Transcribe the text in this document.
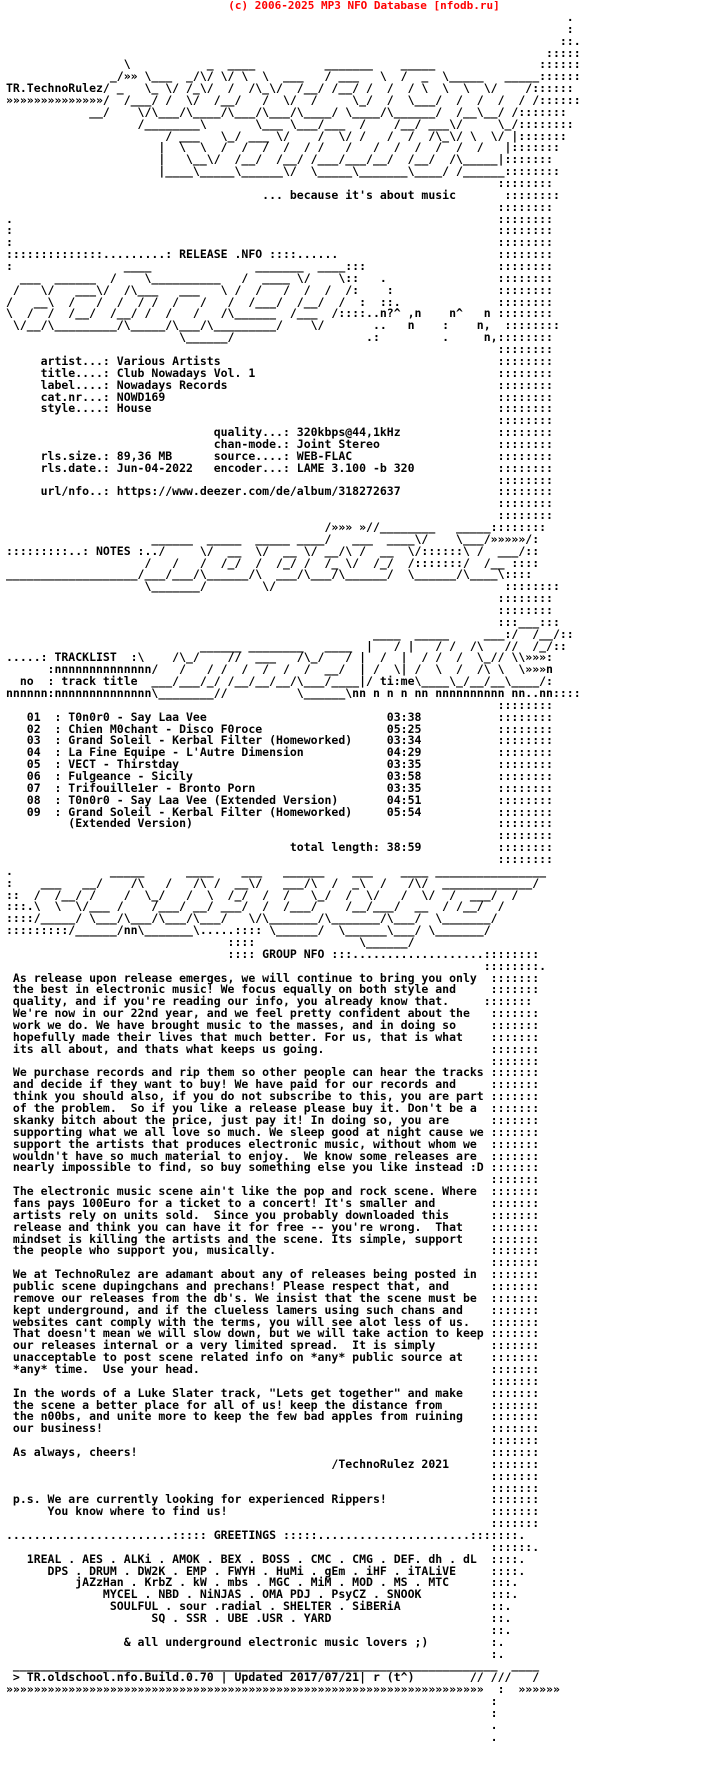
(c) 2006-2025 MP3 NFO Database [nfodb.ru]
.
:
::.
:::::
\           _  ____          _______    _____               ::::::
_/»» \___  _/\/ \/ \  \  ___   / ___   \  /  _  \_____   _____::::::
TR.TechnoRulez/ _   \_ \/ /_\/  /  /\_\/  /__/ /__/ /  /  / \  \  \  \/    /::::::
»»»»»»»»»»»»»»/  /___/ /  \/  /__/   /  \/  /     \_/  /  \___/  /  /  /  / /::::::
__/    \/\___/\____/\___/\___/\____/ \____/\______/  /__\__/ /:::::::
/________\       \___ \___/___  /    /__/ ___\/     \_/::::::::
/ ___   \_/ ___ \/    /  \/ /   /  /  /\_\/ \  \/ |:::::::
|  \  \  /  /  /  /  / /   /   /  /  /  /  /  /   |:::::::
|   \__\/  /__/  /__/ /___/___/__/  /__/  /\_____|:::::::
|____\_____\______\/  \_____\_______\____/ /______::::::::
::::::::
... because it's about music       ::::::::
::::::::
.                                                                      ::::::::
:                                                                      ::::::::
:                                                                      ::::::::
::::::::::::::.........: RELEASE .NFO ::::......                       ::::::::
:                ____               _______  ____:::                   ::::::::
___  ______  /    \__________   /  ____ \/    \::   .                ::::::::
/   \/   ___\/  /\___   ___   \ /  /   /  /  /  /:    :               ::::::::
/   __\  /   /  /  / /  /   /   /  /___/  /__/  /  :  ::.              ::::::::
\  /  /  /__/  /__/ /  /   /   /\______  /___  /::::..n?^ ,n    n^   n ::::::::
\/__/\_________/\_____/\___/\_________/    \/       ..   n    :    n,  ::::::::
\______/                   .:         .     n,::::::::
::::::::
artist...: Various Artists                                        ::::::::
title....: Club Nowadays Vol. 1                                   ::::::::
label....: Nowadays Records                                       ::::::::
cat.nr...: NOWD169                                                ::::::::
style....: House                                                  ::::::::
::::::::
quality...: 320kbps@44,1kHz              ::::::::
chan-mode.: Joint Stereo                 ::::::::
rls.size.: 89,36 MB      source....: WEB-FLAC                     ::::::::
rls.date.: Jun-04-2022   encoder...: LAME 3.100 -b 320            ::::::::
::::::::
url/nfo..: https://www.deezer.com/de/album/318272637              ::::::::
::::::::
::::::::
/»»» »//________   _____::::::::
______  _____  _____ ____/   ___  ____\/    \___/»»»»»/:
:::::::::..: NOTES :../     \/  __  \/  __ \/ __/\ /  __  \/::::::\ /  ___/::
/   /   /  /_/  /  /_/ /  /_ \/  /_/  /:::::::/  /__ ::::
___________________/___/___/\______/\  ___/\___/\______/  \______/\____\::::
\_______/        \/                                 ::::::::
::::::::
::::::::
:::___:::
____  _____     ___:/  /__/::
______ ________   ____  |   / |   / /  /\   //  /_/::
.....: TRACKLIST  :\    /\_/    //  ___   /\_/   / |  /  |  / /  /  \_// \\»»»:
:nnnnnnnnnnnnnn/   /   / /  /  /  /  /  __/  | /  \| /  \  /  /\ \  \»»»n
no  : track title  ___/___/_/ /__/__/__/\___/____|/ ti:me\____\_/__/__\____/:
nnnnnn:nnnnnnnnnnnnnn\________//          \______\nn n n n nn nnnnnnnnnn nn..nn::::
::::::::
01  : T0n0r0 - Say Laa Vee                          03:38           ::::::::
02  : Chien M0chant - Disco F0roce                  05:25           ::::::::
03  : Grand Soleil - Kerbal Filter (Homeworked)     03:34           ::::::::
04  : La Fine Equipe - L'Autre Dimension            04:29           ::::::::
05  : VECT - Thirstday                              03:35           ::::::::
06  : Fulgeance - Sicily                            03:58           ::::::::
07  : Trifouille1er - Bronto Porn                   03:35           ::::::::
08  : T0n0r0 - Say Laa Vee (Extended Version)       04:51           ::::::::
09  : Grand Soleil - Kerbal Filter (Homeworked)     05:54           ::::::::
(Extended Version)                                            ::::::::
::::::::
total length: 38:59           ::::::::
::::::::
.              _____      ____    ___   ______    ___    ____ ________________
:    ___   __/    /\   /   /\ /  __\/   ___/\  /  _\  /   /\/  _____________/
::  /  /__/ /    /  \_/   /  \  /_/  /  /   \_/  /  \/   /  \/  /  ___/  /
:::.\  \  \/___ /    /___/ __/ ___/  /  /___/    /__/___/  __  / /__/  /
::::/_____/ \___/\___/\___/\___/   \/\_______/\_______/\___/  \_______/
:::::::::/______/nn\_______\.....:::: \______/  \______\___/ \_______/
::::               \______/
:::: GROUP NFO :::...................::::::::
::::::::.
As release upon release emerges, we will continue to bring you only  :::::::
the best in electronic music! We focus equally on both style and     :::::::
quality, and if you're reading our info, you already know that.     :::::::
We're now in our 22nd year, and we feel pretty confident about the   :::::::
work we do. We have brought music to the masses, and in doing so     :::::::
hopefully made their lives that much better. For us, that is what    :::::::
its all about, and thats what keeps us going.                        :::::::
:::::::
We purchase records and rip them so other people can hear the tracks :::::::
and decide if they want to buy! We have paid for our records and     :::::::
think you should also, if you do not subscribe to this, you are part :::::::
of the problem.  So if you like a release please buy it. Don't be a  :::::::
skanky bitch about the price, just pay it! In doing so, you are      :::::::
supporting what we all love so much. We sleep good at night cause we :::::::
support the artists that produces electronic music, without whom we  :::::::
wouldn't have so much material to enjoy.  We know some releases are  :::::::
nearly impossible to find, so buy something else you like instead :D :::::::
:::::::
The electronic music scene ain't like the pop and rock scene. Where  :::::::
fans pays 100Euro for a ticket to a concert! It's smaller and        :::::::
artists rely on units sold.  Since you probably downloaded this      :::::::
release and think you can have it for free -- you're wrong.  That    :::::::
mindset is killing the artists and the scene. Its simple, support    :::::::
the people who support you, musically.                               :::::::
:::::::
We at TechnoRulez are adamant about any of releases being posted in  :::::::
public scene dupingchans and prechans! Please respect that, and      :::::::
remove our releases from the db's. We insist that the scene must be  :::::::
kept underground, and if the clueless lamers using such chans and    :::::::
websites cant comply with the terms, you will see alot less of us.   :::::::
That doesn't mean we will slow down, but we will take action to keep :::::::
our releases internal or a very limited spread.  It is simply        :::::::
unacceptable to post scene related info on *any* public source at    :::::::
*any* time.  Use your head.                                          :::::::
:::::::
In the words of a Luke Slater track, "Lets get together" and make    :::::::
the scene a better place for all of us! keep the distance from       :::::::
the n00bs, and unite more to keep the few bad apples from ruining    :::::::
our business!                                                        :::::::
:::::::
As always, cheers!                                                   :::::::
/TechnoRulez 2021      :::::::
:::::::
:::::::
p.s. We are currently looking for experienced Rippers!               :::::::
You know where to find us!                                      :::::::
:::::::
........................::::: GREETINGS :::::......................:::::::.
::::::.
1REAL . AES . ALKi . AMOK . BEX . BOSS . CMC . CMG . DEF. dh . dL  ::::.
DPS . DRUM . DW2K . EMP . FWYH . HuMi . gEm . iHF . iTALiVE     ::::.
jAZzHan . KrbZ . kW . mbs . MGC . MiM . MOD . MS . MTC      :::.
MYCEL . NBD . NiNJAS . OMA PDJ . PsyCZ . SNOOK          :::.
SOULFUL . sour .radial . SHELTER . SiBERiA             ::.
SQ . SSR . UBE .USR . YARD                       ::.
::.
& all underground electronic music lovers ;)         :.
:.
______________________________________________________________________  ____
> TR.oldschool.nfo.Build.0.70 | Updated 2017/07/21| r (t^)        // ///   /
»»»»»»»»»»»»»»»»»»»»»»»»»»»»»»»»»»»»»»»»»»»»»»»»»»»»»»»»»»»»»»»»»»»»»  :  »»»»»»
:
:
.
.
